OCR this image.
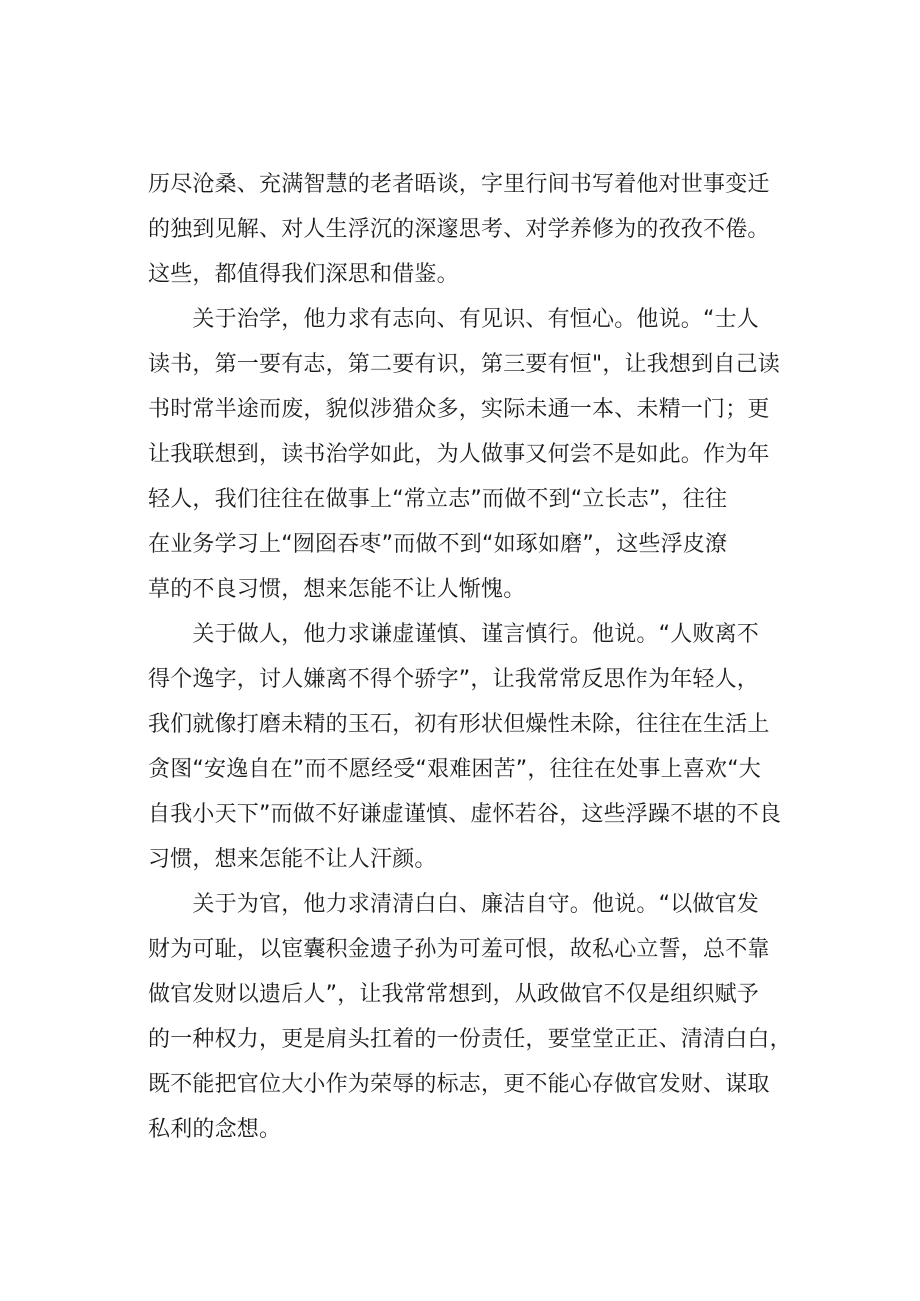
历尽沧桑、充满智慧的老者晤谈，字里行间书写着他对世事变迁
的独到见解、对人生浮沉的深邃思考、对学养修为的孜孜不倦。
这些，都值得我们深思和借鉴。
　　关于治学，他力求有志向、有见识、有恒心。他说。“士人
读书，第一要有志，第二要有识，第三要有恒"，让我想到自己读
书时常半途而废，貌似涉猎众多，实际未通一本、未精一门；更
让我联想到，读书治学如此，为人做事又何尝不是如此。作为年
轻人，我们往往在做事上“常立志”而做不到“立长志”，往往
在业务学习上“囫囵吞枣”而做不到“如琢如磨”，这些浮皮潦
草的不良习惯，想来怎能不让人惭愧。
　　关于做人，他力求谦虚谨慎、谨言慎行。他说。“人败离不
得个逸字，讨人嫌离不得个骄字”，让我常常反思作为年轻人，
我们就像打磨未精的玉石，初有形状但燥性未除，往往在生活上
贪图“安逸自在”而不愿经受“艰难困苦”，往往在处事上喜欢“大
自我小天下”而做不好谦虚谨慎、虚怀若谷，这些浮躁不堪的不良
习惯，想来怎能不让人汗颜。
　　关于为官，他力求清清白白、廉洁自守。他说。“以做官发
财为可耻，以宦囊积金遗子孙为可羞可恨，故私心立誓，总不靠
做官发财以遗后人”，让我常常想到，从政做官不仅是组织赋予
的一种权力，更是肩头扛着的一份责任，要堂堂正正、清清白白，
既不能把官位大小作为荣辱的标志，更不能心存做官发财、谋取
私利的念想。
